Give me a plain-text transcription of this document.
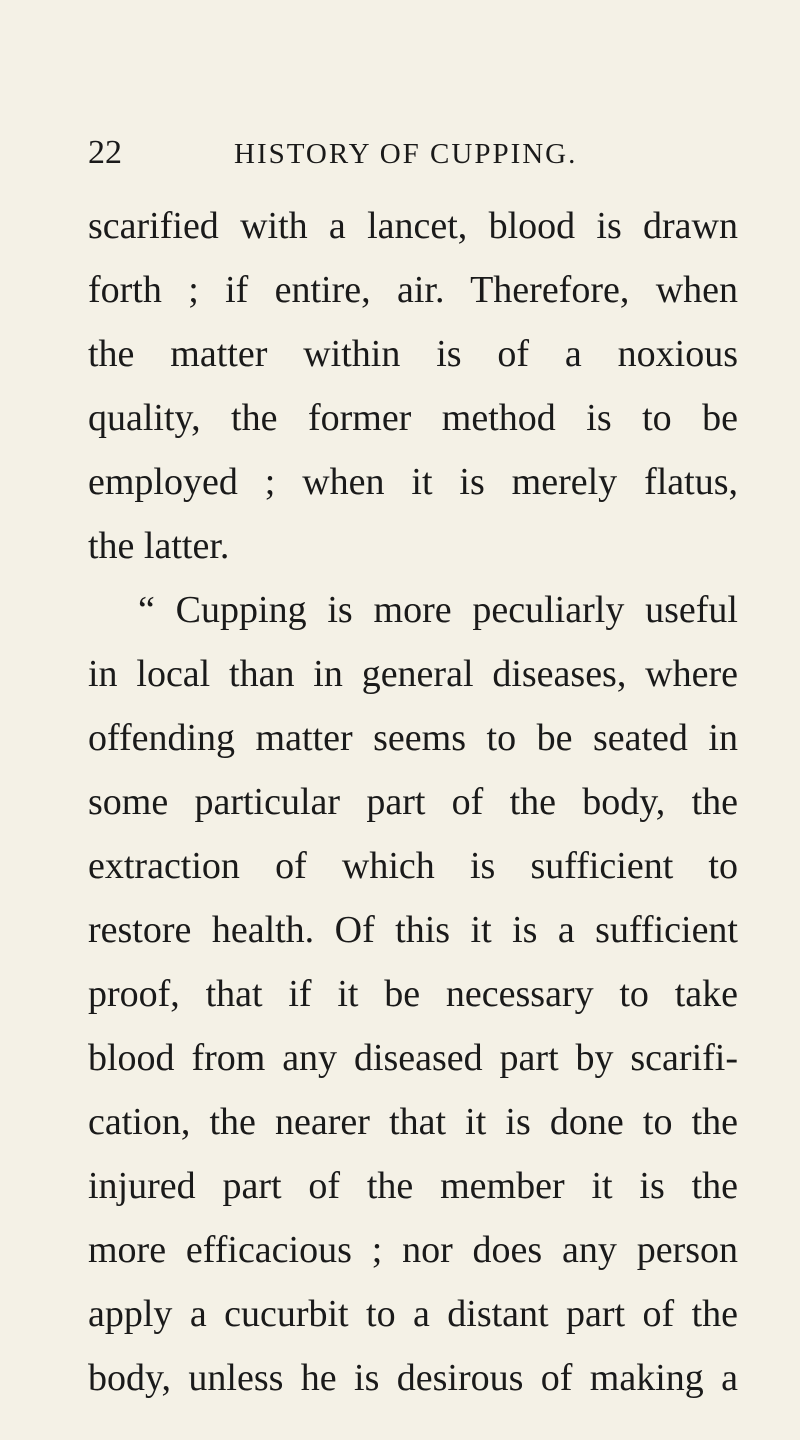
22	HISTORY OF CUPPING.
scarified with a lancet, blood is drawn
forth ; if entire, air. Therefore, when
the matter within is of a noxious
quality, the former method is to be
employed ; when it is merely flatus,
the latter.
“ Cupping is more peculiarly useful
in local than in general diseases, where
offending matter seems to be seated in
some particular part of the body, the
extraction of which is sufficient to
restore health. Of this it is a sufficient
proof, that if it be necessary to take
blood from any diseased part by scarifi-
cation, the nearer that it is done to the
injured part of the member it is the
more efficacious ; nor does any person
apply a cucurbit to a distant part of the
body, unless he is desirous of making a
